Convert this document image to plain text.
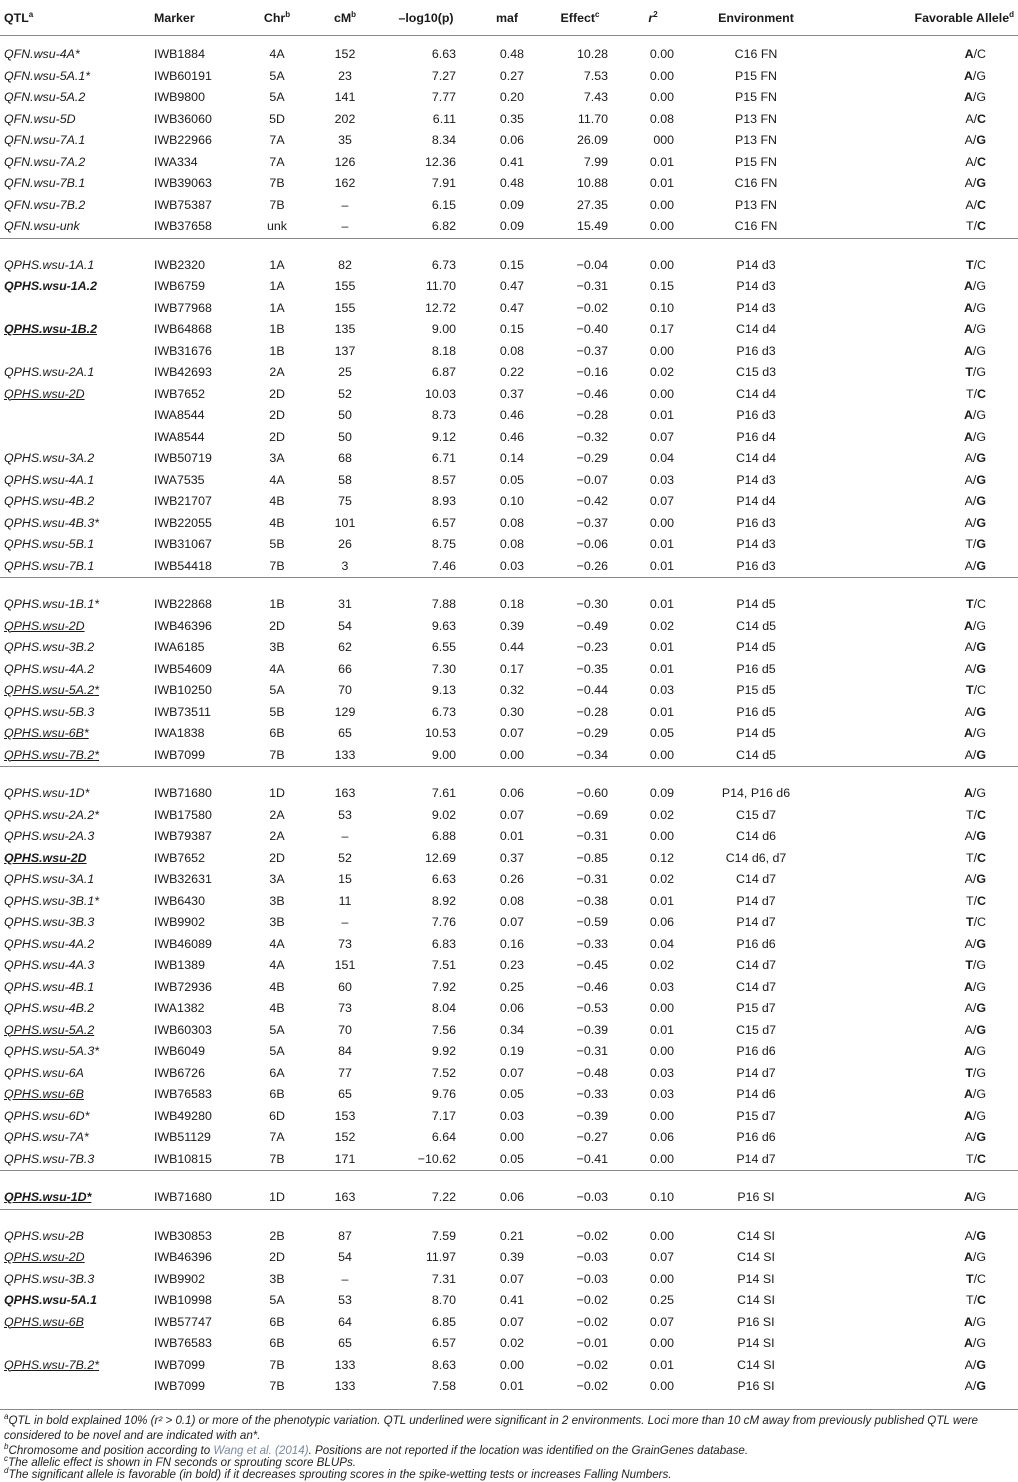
QTL$^a$	Marker	Chr$^b$	$cM^b$	–log10(p)	maf	Effect$^c$	$r^2$	Environment	Favorable Allele$^d$

QFN.wsu-4A*	IWB1884	4A	152	6.63	0.48	10.28	0.00	C16 FN	A/C
QFN.wsu-5A.1*	IWB60191	5A	23	7.27	0.27	7.53	0.00	P15 FN	A/G
QFN.wsu-5A.2	IWB9800	5A	141	7.77	0.20	7.43	0.00	P15 FN	A/G
QFN.wsu-5D	IWB36060	5D	202	6.11	0.35	11.70	0.08	P13 FN	A/C
QFN.wsu-7A.1	IWB22966	7A	35	8.34	0.06	26.09	000	P13 FN	A/G
QFN.wsu-7A.2	IWA334	7A	126	12.36	0.41	7.99	0.01	P15 FN	A/C
QFN.wsu-7B.1	IWB39063	7B	162	7.91	0.48	10.88	0.01	C16 FN	A/G
QFN.wsu-7B.2	IWB75387	7B	–	6.15	0.09	27.35	0.00	P13 FN	A/C
QFN.wsu-unk	IWB37658	unk	–	6.82	0.09	15.49	0.00	C16 FN	T/C

QPHS.wsu-1A.1	IWB2320	1A	82	6.73	0.15	−0.04	0.00	P14 d3	T/C
QPHS.wsu-1A.2	IWB6759	1A	155	11.70	0.47	−0.31	0.15	P14 d3	A/G
	IWB77968	1A	155	12.72	0.47	−0.02	0.10	P14 d3	A/G
QPHS.wsu-1B.2	IWB64868	1B	135	9.00	0.15	−0.40	0.17	C14 d4	A/G
	IWB31676	1B	137	8.18	0.08	−0.37	0.00	P16 d3	A/G
QPHS.wsu-2A.1	IWB42693	2A	25	6.87	0.22	−0.16	0.02	C15 d3	T/G
QPHS.wsu-2D	IWB7652	2D	52	10.03	0.37	−0.46	0.00	C14 d4	T/C
	IWA8544	2D	50	8.73	0.46	−0.28	0.01	P16 d3	A/G
	IWA8544	2D	50	9.12	0.46	−0.32	0.07	P16 d4	A/G
QPHS.wsu-3A.2	IWB50719	3A	68	6.71	0.14	−0.29	0.04	C14 d4	A/G
QPHS.wsu-4A.1	IWA7535	4A	58	8.57	0.05	−0.07	0.03	P14 d3	A/G
QPHS.wsu-4B.2	IWB21707	4B	75	8.93	0.10	−0.42	0.07	P14 d4	A/G
QPHS.wsu-4B.3*	IWB22055	4B	101	6.57	0.08	−0.37	0.00	P16 d3	A/G
QPHS.wsu-5B.1	IWB31067	5B	26	8.75	0.08	−0.06	0.01	P14 d3	T/G
QPHS.wsu-7B.1	IWB54418	7B	3	7.46	0.03	−0.26	0.01	P16 d3	A/G

QPHS.wsu-1B.1*	IWB22868	1B	31	7.88	0.18	−0.30	0.01	P14 d5	T/C
QPHS.wsu-2D	IWB46396	2D	54	9.63	0.39	−0.49	0.02	C14 d5	A/G
QPHS.wsu-3B.2	IWA6185	3B	62	6.55	0.44	−0.23	0.01	P14 d5	A/G
QPHS.wsu-4A.2	IWB54609	4A	66	7.30	0.17	−0.35	0.01	P16 d5	A/G
QPHS.wsu-5A.2*	IWB10250	5A	70	9.13	0.32	−0.44	0.03	P15 d5	T/C
QPHS.wsu-5B.3	IWB73511	5B	129	6.73	0.30	−0.28	0.01	P16 d5	A/G
QPHS.wsu-6B*	IWA1838	6B	65	10.53	0.07	−0.29	0.05	P14 d5	A/G
QPHS.wsu-7B.2*	IWB7099	7B	133	9.00	0.00	−0.34	0.00	C14 d5	A/G

QPHS.wsu-1D*	IWB71680	1D	163	7.61	0.06	−0.60	0.09	P14, P16 d6	A/G
QPHS.wsu-2A.2*	IWB17580	2A	53	9.02	0.07	−0.69	0.02	C15 d7	T/C
QPHS.wsu-2A.3	IWB79387	2A	–	6.88	0.01	−0.31	0.00	C14 d6	A/G
QPHS.wsu-2D	IWB7652	2D	52	12.69	0.37	−0.85	0.12	C14 d6, d7	T/C
QPHS.wsu-3A.1	IWB32631	3A	15	6.63	0.26	−0.31	0.02	C14 d7	A/G
QPHS.wsu-3B.1*	IWB6430	3B	11	8.92	0.08	−0.38	0.01	P14 d7	T/C
QPHS.wsu-3B.3	IWB9902	3B	–	7.76	0.07	−0.59	0.06	P14 d7	T/C
QPHS.wsu-4A.2	IWB46089	4A	73	6.83	0.16	−0.33	0.04	P16 d6	A/G
QPHS.wsu-4A.3	IWB1389	4A	151	7.51	0.23	−0.45	0.02	C14 d7	T/G
QPHS.wsu-4B.1	IWB72936	4B	60	7.92	0.25	−0.46	0.03	C14 d7	A/G
QPHS.wsu-4B.2	IWA1382	4B	73	8.04	0.06	−0.53	0.00	P15 d7	A/G
QPHS.wsu-5A.2	IWB60303	5A	70	7.56	0.34	−0.39	0.01	C15 d7	A/G
QPHS.wsu-5A.3*	IWB6049	5A	84	9.92	0.19	−0.31	0.00	P16 d6	A/G
QPHS.wsu-6A	IWB6726	6A	77	7.52	0.07	−0.48	0.03	P14 d7	T/G
QPHS.wsu-6B	IWB76583	6B	65	9.76	0.05	−0.33	0.03	P14 d6	A/G
QPHS.wsu-6D*	IWB49280	6D	153	7.17	0.03	−0.39	0.00	P15 d7	A/G
QPHS.wsu-7A*	IWB51129	7A	152	6.64	0.00	−0.27	0.06	P16 d6	A/G
QPHS.wsu-7B.3	IWB10815	7B	171	−10.62	0.05	−0.41	0.00	P14 d7	T/C

QPHS.wsu-1D*	IWB71680	1D	163	7.22	0.06	−0.03	0.10	P16 SI	A/G

QPHS.wsu-2B	IWB30853	2B	87	7.59	0.21	−0.02	0.00	C14 SI	A/G
QPHS.wsu-2D	IWB46396	2D	54	11.97	0.39	−0.03	0.07	C14 SI	A/G
QPHS.wsu-3B.3	IWB9902	3B	–	7.31	0.07	−0.03	0.00	P14 SI	T/C
QPHS.wsu-5A.1	IWB10998	5A	53	8.70	0.41	−0.02	0.25	C14 SI	T/C
QPHS.wsu-6B	IWB57747	6B	64	6.85	0.07	−0.02	0.07	P16 SI	A/G
	IWB76583	6B	65	6.57	0.02	−0.01	0.00	P14 SI	A/G
QPHS.wsu-7B.2*	IWB7099	7B	133	8.63	0.00	−0.02	0.01	C14 SI	A/G
	IWB7099	7B	133	7.58	0.01	−0.02	0.00	P16 SI	A/G
$^a$QTL in bold explained 10% (r² > 0.1) or more of the phenotypic variation. QTL underlined were significant in 2 environments. Loci more than 10 cM away from previously published QTL were considered to be novel and are indicated with an*.
$^b$Chromosome and position according to Wang et al. (2014). Positions are not reported if the location was identified on the GrainGenes database.
$^c$The allelic effect is shown in FN seconds or sprouting score BLUPs.
$^d$The significant allele is favorable (in bold) if it decreases sprouting scores in the spike-wetting tests or increases Falling Numbers.
